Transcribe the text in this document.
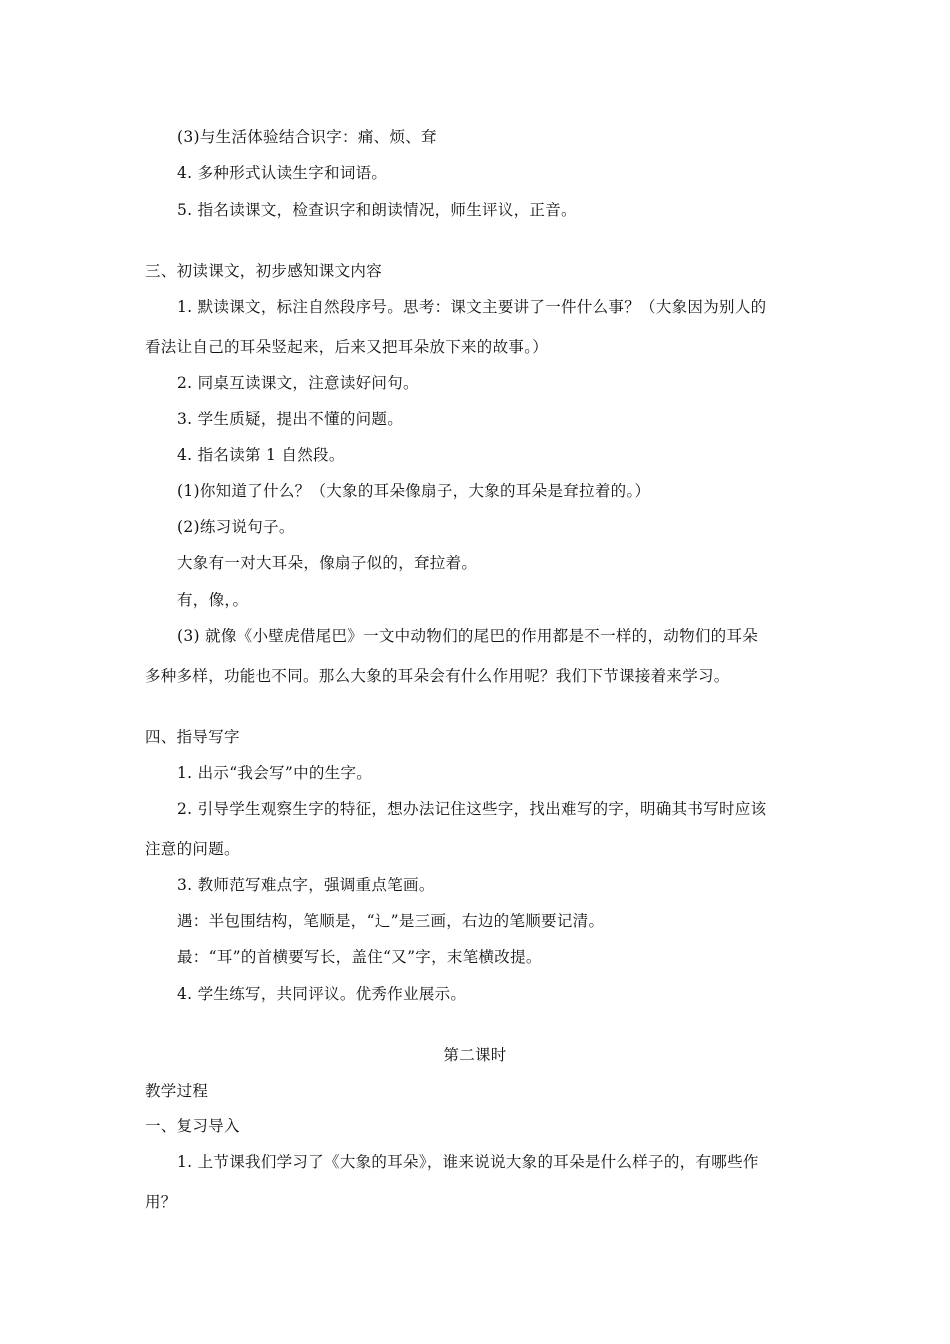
(3)与生活体验结合识字：痛、烦、耷
4. 多种形式认读生字和词语。
5. 指名读课文，检查识字和朗读情况，师生评议，正音。
三、初读课文，初步感知课文内容
1. 默读课文，标注自然段序号。思考：课文主要讲了一件什么事？（大象因为别人的
看法让自己的耳朵竖起来，后来又把耳朵放下来的故事。）
2. 同桌互读课文，注意读好问句。
3. 学生质疑，提出不懂的问题。
4. 指名读第 1 自然段。
(1)你知道了什么？（大象的耳朵像扇子，大象的耳朵是耷拉着的。）
(2)练习说句子。
大象有一对大耳朵，像扇子似的，耷拉着。
有，像，。
(3) 就像《小壁虎借尾巴》一文中动物们的尾巴的作用都是不一样的，动物们的耳朵
多种多样，功能也不同。那么大象的耳朵会有什么作用呢？我们下节课接着来学习。
四、指导写字
1. 出示“我会写”中的生字。
2. 引导学生观察生字的特征，想办法记住这些字，找出难写的字，明确其书写时应该
注意的问题。
3. 教师范写难点字，强调重点笔画。
遇：半包围结构，笔顺是，“辶”是三画，右边的笔顺要记清。
最：“耳”的首横要写长，盖住“又”字，末笔横改提。
4. 学生练写，共同评议。优秀作业展示。
第二课时
教学过程
一、复习导入
1. 上节课我们学习了《大象的耳朵》，谁来说说大象的耳朵是什么样子的，有哪些作
用？
